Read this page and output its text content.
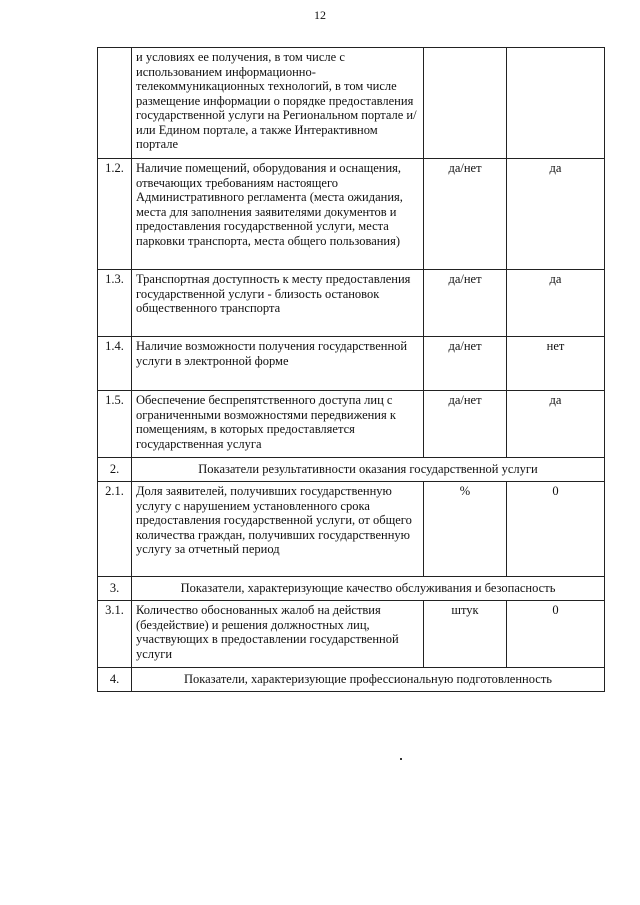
12
	и условиях ее получения, в том числе с использованием информационно-телекоммуникационных технологий, в том числе размещение информации о порядке предоставления государственной услуги на Региональном портале и/или Едином портале, а также Интерактивном портале		
1.2.	Наличие помещений, оборудования и оснащения, отвечающих требованиям настоящего Административного регламента (места ожидания, места для заполнения заявителями документов и предоставления государственной услуги, места парковки транспорта, места общего пользования)	да/нет	да
1.3.	Транспортная доступность к месту предоставления государственной услуги - близость остановок общественного транспорта	да/нет	да
1.4.	Наличие возможности получения государственной услуги в электронной форме	да/нет	нет
1.5.	Обеспечение беспрепятственного доступа лиц с ограниченными возможностями передвижения к помещениям, в которых предоставляется государственная услуга	да/нет	да
2.	Показатели результативности оказания государственной услуги		
2.1.	Доля заявителей, получивших государственную услугу с нарушением установленного срока предоставления государственной услуги, от общего количества граждан, получивших государственную услугу за отчетный период	%	0
3.	Показатели, характеризующие качество обслуживания и безопасность		
3.1.	Количество обоснованных жалоб на действия (бездействие) и решения должностных лиц, участвующих в предоставлении государственной услуги	штук	0
4.	Показатели, характеризующие профессиональную подготовленность		
